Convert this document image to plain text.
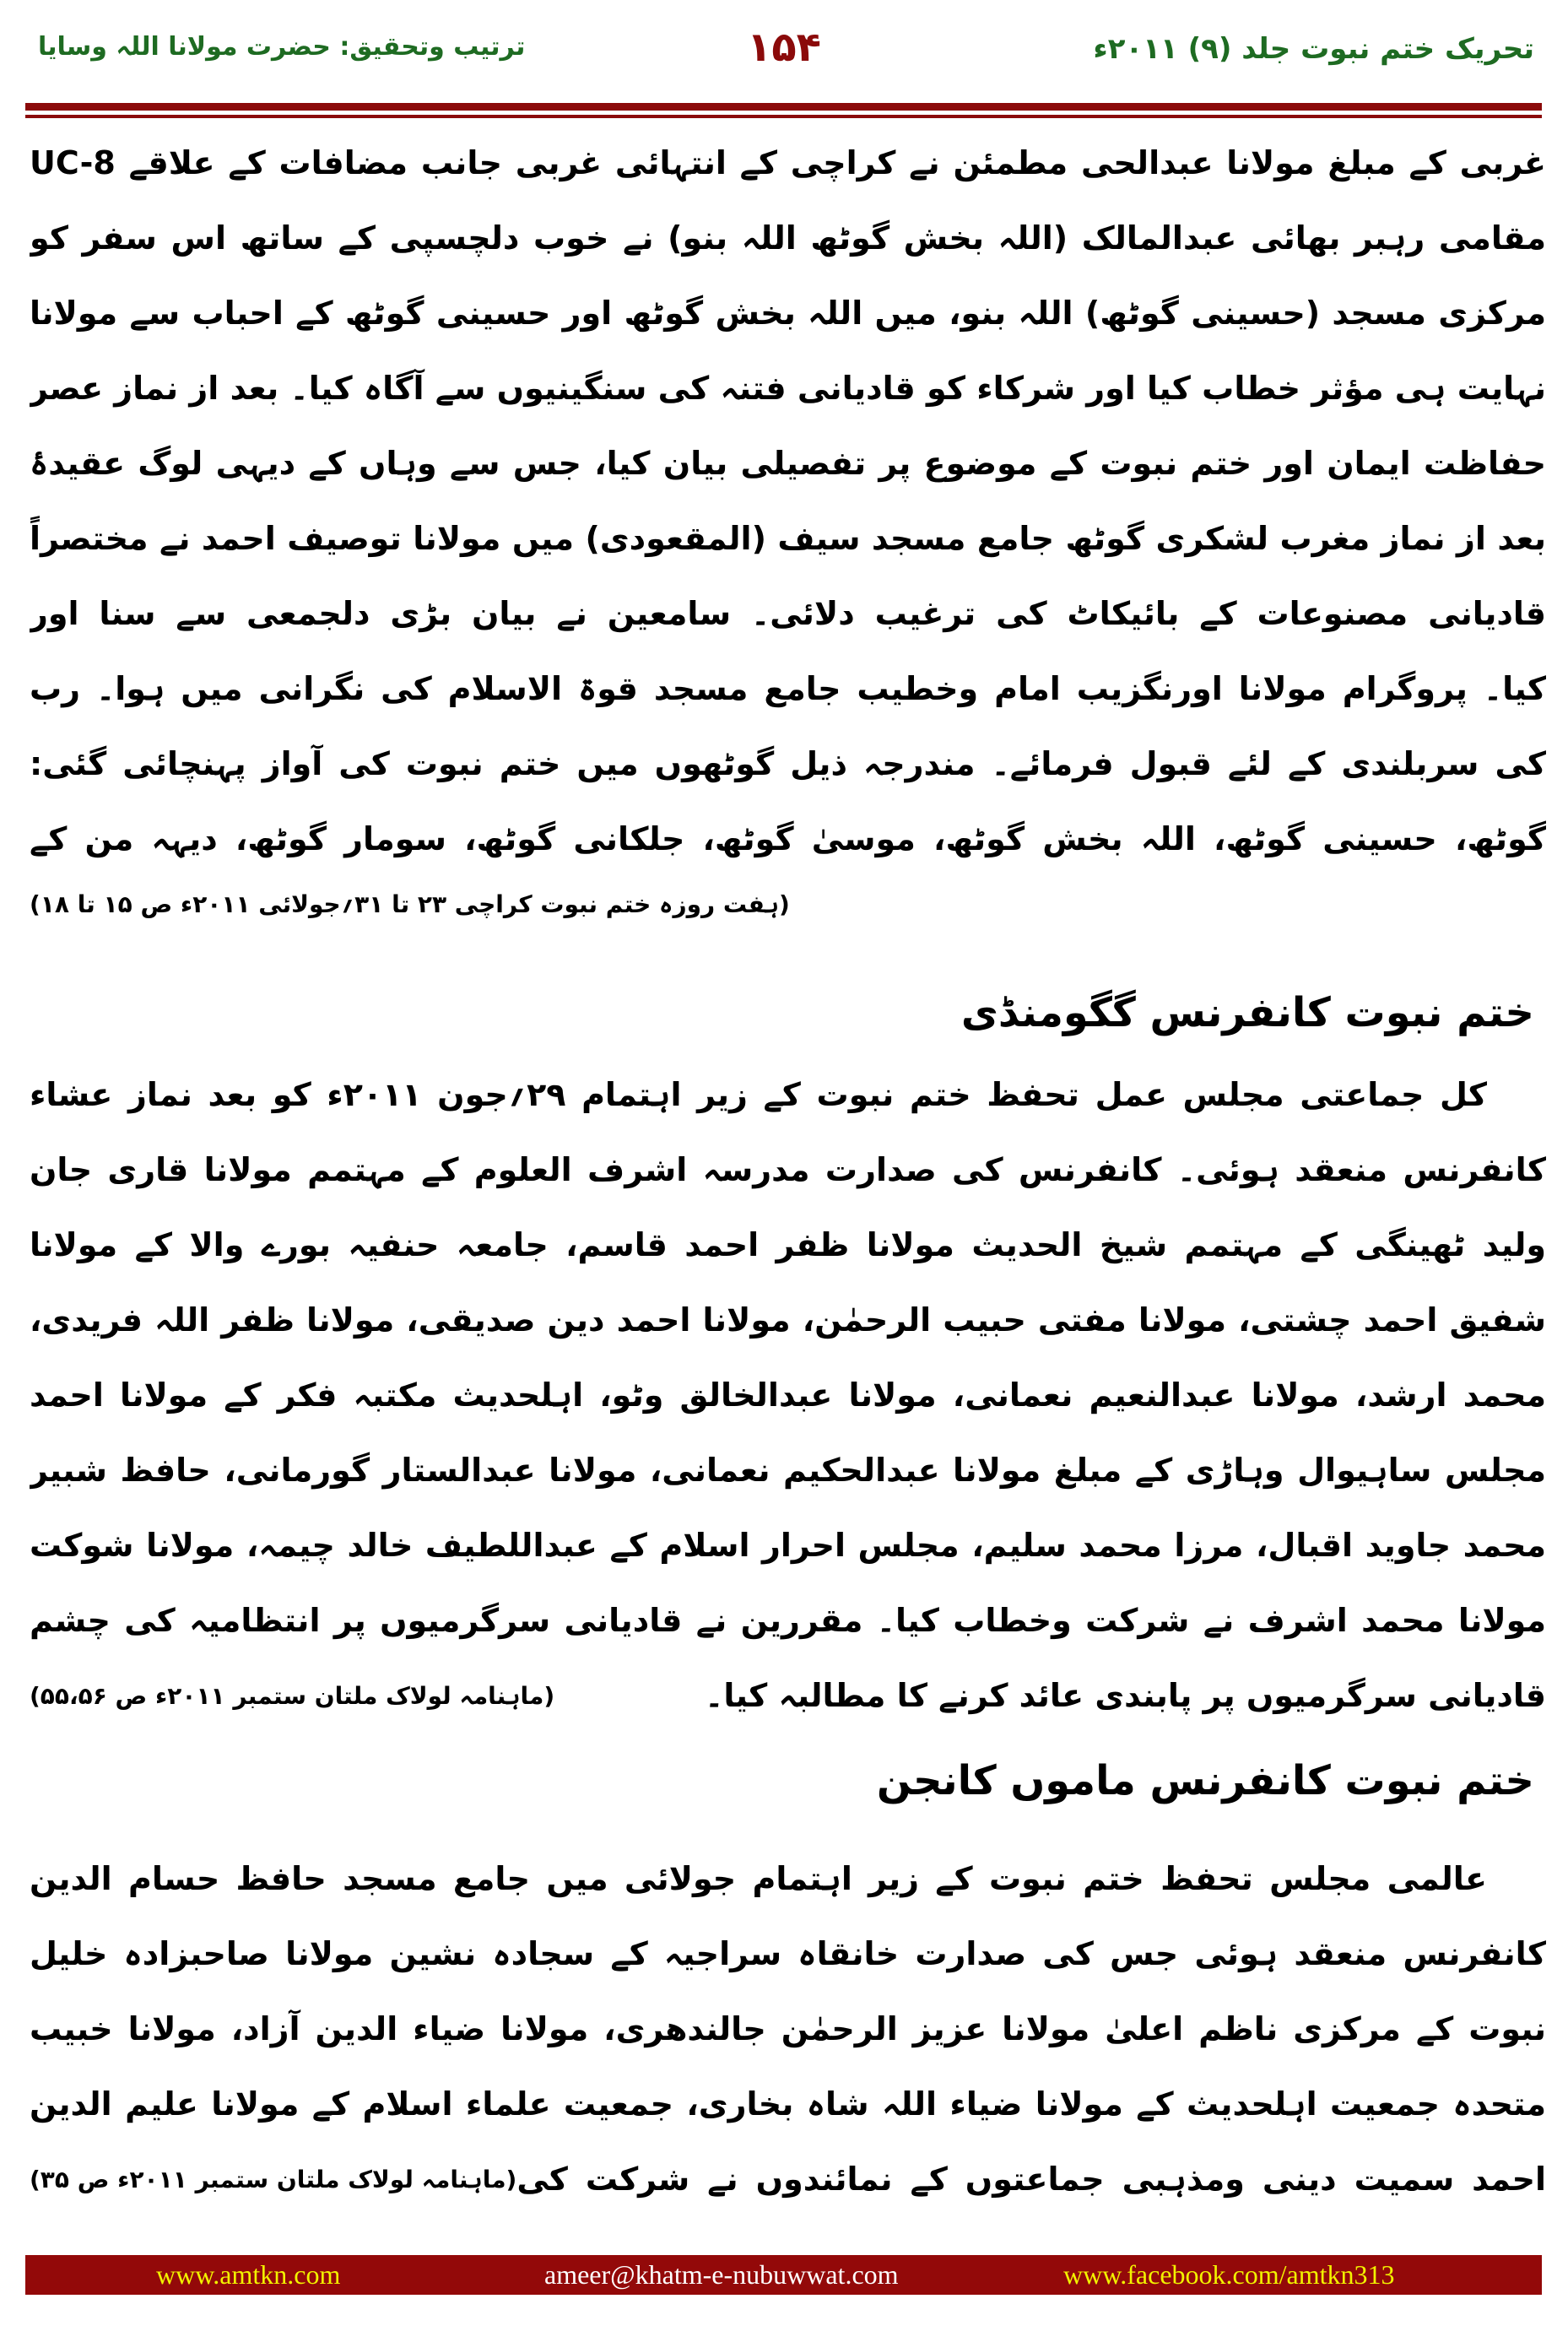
تحریک ختم نبوت جلد (۹) ۲۰۱۱ء
۱۵۴
ترتیب وتحقیق: حضرت مولانا اللہ وسایا
غربی کے مبلغ مولانا عبدالحی مطمئن نے کراچی کے انتہائی غربی جانب مضافات کے علاقے UC-8
مقامی رہبر بھائی عبدالمالک (اللہ بخش گوٹھ اللہ بنو) نے خوب دلچسپی کے ساتھ اس سفر کو
مرکزی مسجد (حسینی گوٹھ) اللہ بنو، میں اللہ بخش گوٹھ اور حسینی گوٹھ کے احباب سے مولانا
نہایت ہی مؤثر خطاب کیا اور شرکاء کو قادیانی فتنہ کی سنگینیوں سے آگاہ کیا۔ بعد از نماز عصر
حفاظت ایمان اور ختم نبوت کے موضوع پر تفصیلی بیان کیا، جس سے وہاں کے دیہی لوگ عقیدۂ
بعد از نماز مغرب لشکری گوٹھ جامع مسجد سیف (المقعودی) میں مولانا توصیف احمد نے مختصراً
قادیانی مصنوعات کے بائیکاٹ کی ترغیب دلائی۔ سامعین نے بیان بڑی دلجمعی سے سنا اور
کیا۔ پروگرام مولانا اورنگزیب امام وخطیب جامع مسجد قوۃ الاسلام کی نگرانی میں ہوا۔ رب
کی سربلندی کے لئے قبول فرمائے۔ مندرجہ ذیل گوٹھوں میں ختم نبوت کی آواز پہنچائی گئی:
گوٹھ، حسینی گوٹھ، اللہ بخش گوٹھ، موسیٰ گوٹھ، جلکانی گوٹھ، سومار گوٹھ، دیہہ من کے
(ہفت روزہ ختم نبوت کراچی ۲۳ تا ۳۱؍جولائی ۲۰۱۱ء ص ۱۵ تا ۱۸)
ختم نبوت کانفرنس گگومنڈی
کل جماعتی مجلس عمل تحفظ ختم نبوت کے زیر اہتمام ۲۹؍جون ۲۰۱۱ء کو بعد نماز عشاء
کانفرنس منعقد ہوئی۔ کانفرنس کی صدارت مدرسہ اشرف العلوم کے مہتمم مولانا قاری جان
ولید ٹھینگی کے مہتمم شیخ الحدیث مولانا ظفر احمد قاسم، جامعہ حنفیہ بورے والا کے مولانا
شفیق احمد چشتی، مولانا مفتی حبیب الرحمٰن، مولانا احمد دین صدیقی، مولانا ظفر اللہ فریدی،
محمد ارشد، مولانا عبدالنعیم نعمانی، مولانا عبدالخالق وٹو، اہلحدیث مکتبہ فکر کے مولانا احمد
مجلس ساہیوال وہاڑی کے مبلغ مولانا عبدالحکیم نعمانی، مولانا عبدالستار گورمانی، حافظ شبیر
محمد جاوید اقبال، مرزا محمد سلیم، مجلس احرار اسلام کے عبداللطیف خالد چیمہ، مولانا شوکت
مولانا محمد اشرف نے شرکت وخطاب کیا۔ مقررین نے قادیانی سرگرمیوں پر انتظامیہ کی چشم
قادیانی سرگرمیوں پر پابندی عائد کرنے کا مطالبہ کیا۔
(ماہنامہ لولاک ملتان ستمبر ۲۰۱۱ء ص ۵۵،۵۶)
ختم نبوت کانفرنس ماموں کانجن
عالمی مجلس تحفظ ختم نبوت کے زیر اہتمام جولائی میں جامع مسجد حافظ حسام الدین
کانفرنس منعقد ہوئی جس کی صدارت خانقاہ سراجیہ کے سجادہ نشین مولانا صاحبزادہ خلیل
نبوت کے مرکزی ناظم اعلیٰ مولانا عزیز الرحمٰن جالندھری، مولانا ضیاء الدین آزاد، مولانا خبیب
متحدہ جمعیت اہلحدیث کے مولانا ضیاء اللہ شاہ بخاری، جمعیت علماء اسلام کے مولانا علیم الدین
احمد سمیت دینی ومذہبی جماعتوں کے نمائندوں نے شرکت کی
(ماہنامہ لولاک ملتان ستمبر ۲۰۱۱ء ص ۳۵)
www.amtkn.com	ameer@khatm-e-nubuwwat.com	www.facebook.com/amtkn313
